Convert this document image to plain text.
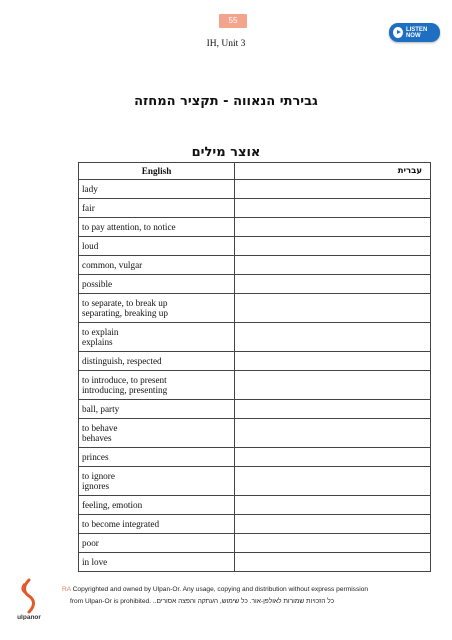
55
IH, Unit 3
LISTEN NOW
גבירתי הנאווה - תקציר המחזה
אוצר מילים
English	עברית

lady	

fair	

to pay attention, to notice	

loud	

common, vulgar	

possible	

to separate, to break up
separating, breaking up	

to explain
explains	

distinguish, respected	

to introduce, to present
introducing, presenting	

ball, party	

to behave
behaves	

princes	

to ignore
ignores	

feeling, emotion	

to become integrated	

poor	

in love	

ulpanor
RA Copyrighted and owned by Ulpan-Or. Any usage, copying and distribution without express permission
from Ulpan-Or is prohibited. ..כל הזכויות שמורות לאולפן-אור. כל שימוש, העתקה והפצה אסורים
